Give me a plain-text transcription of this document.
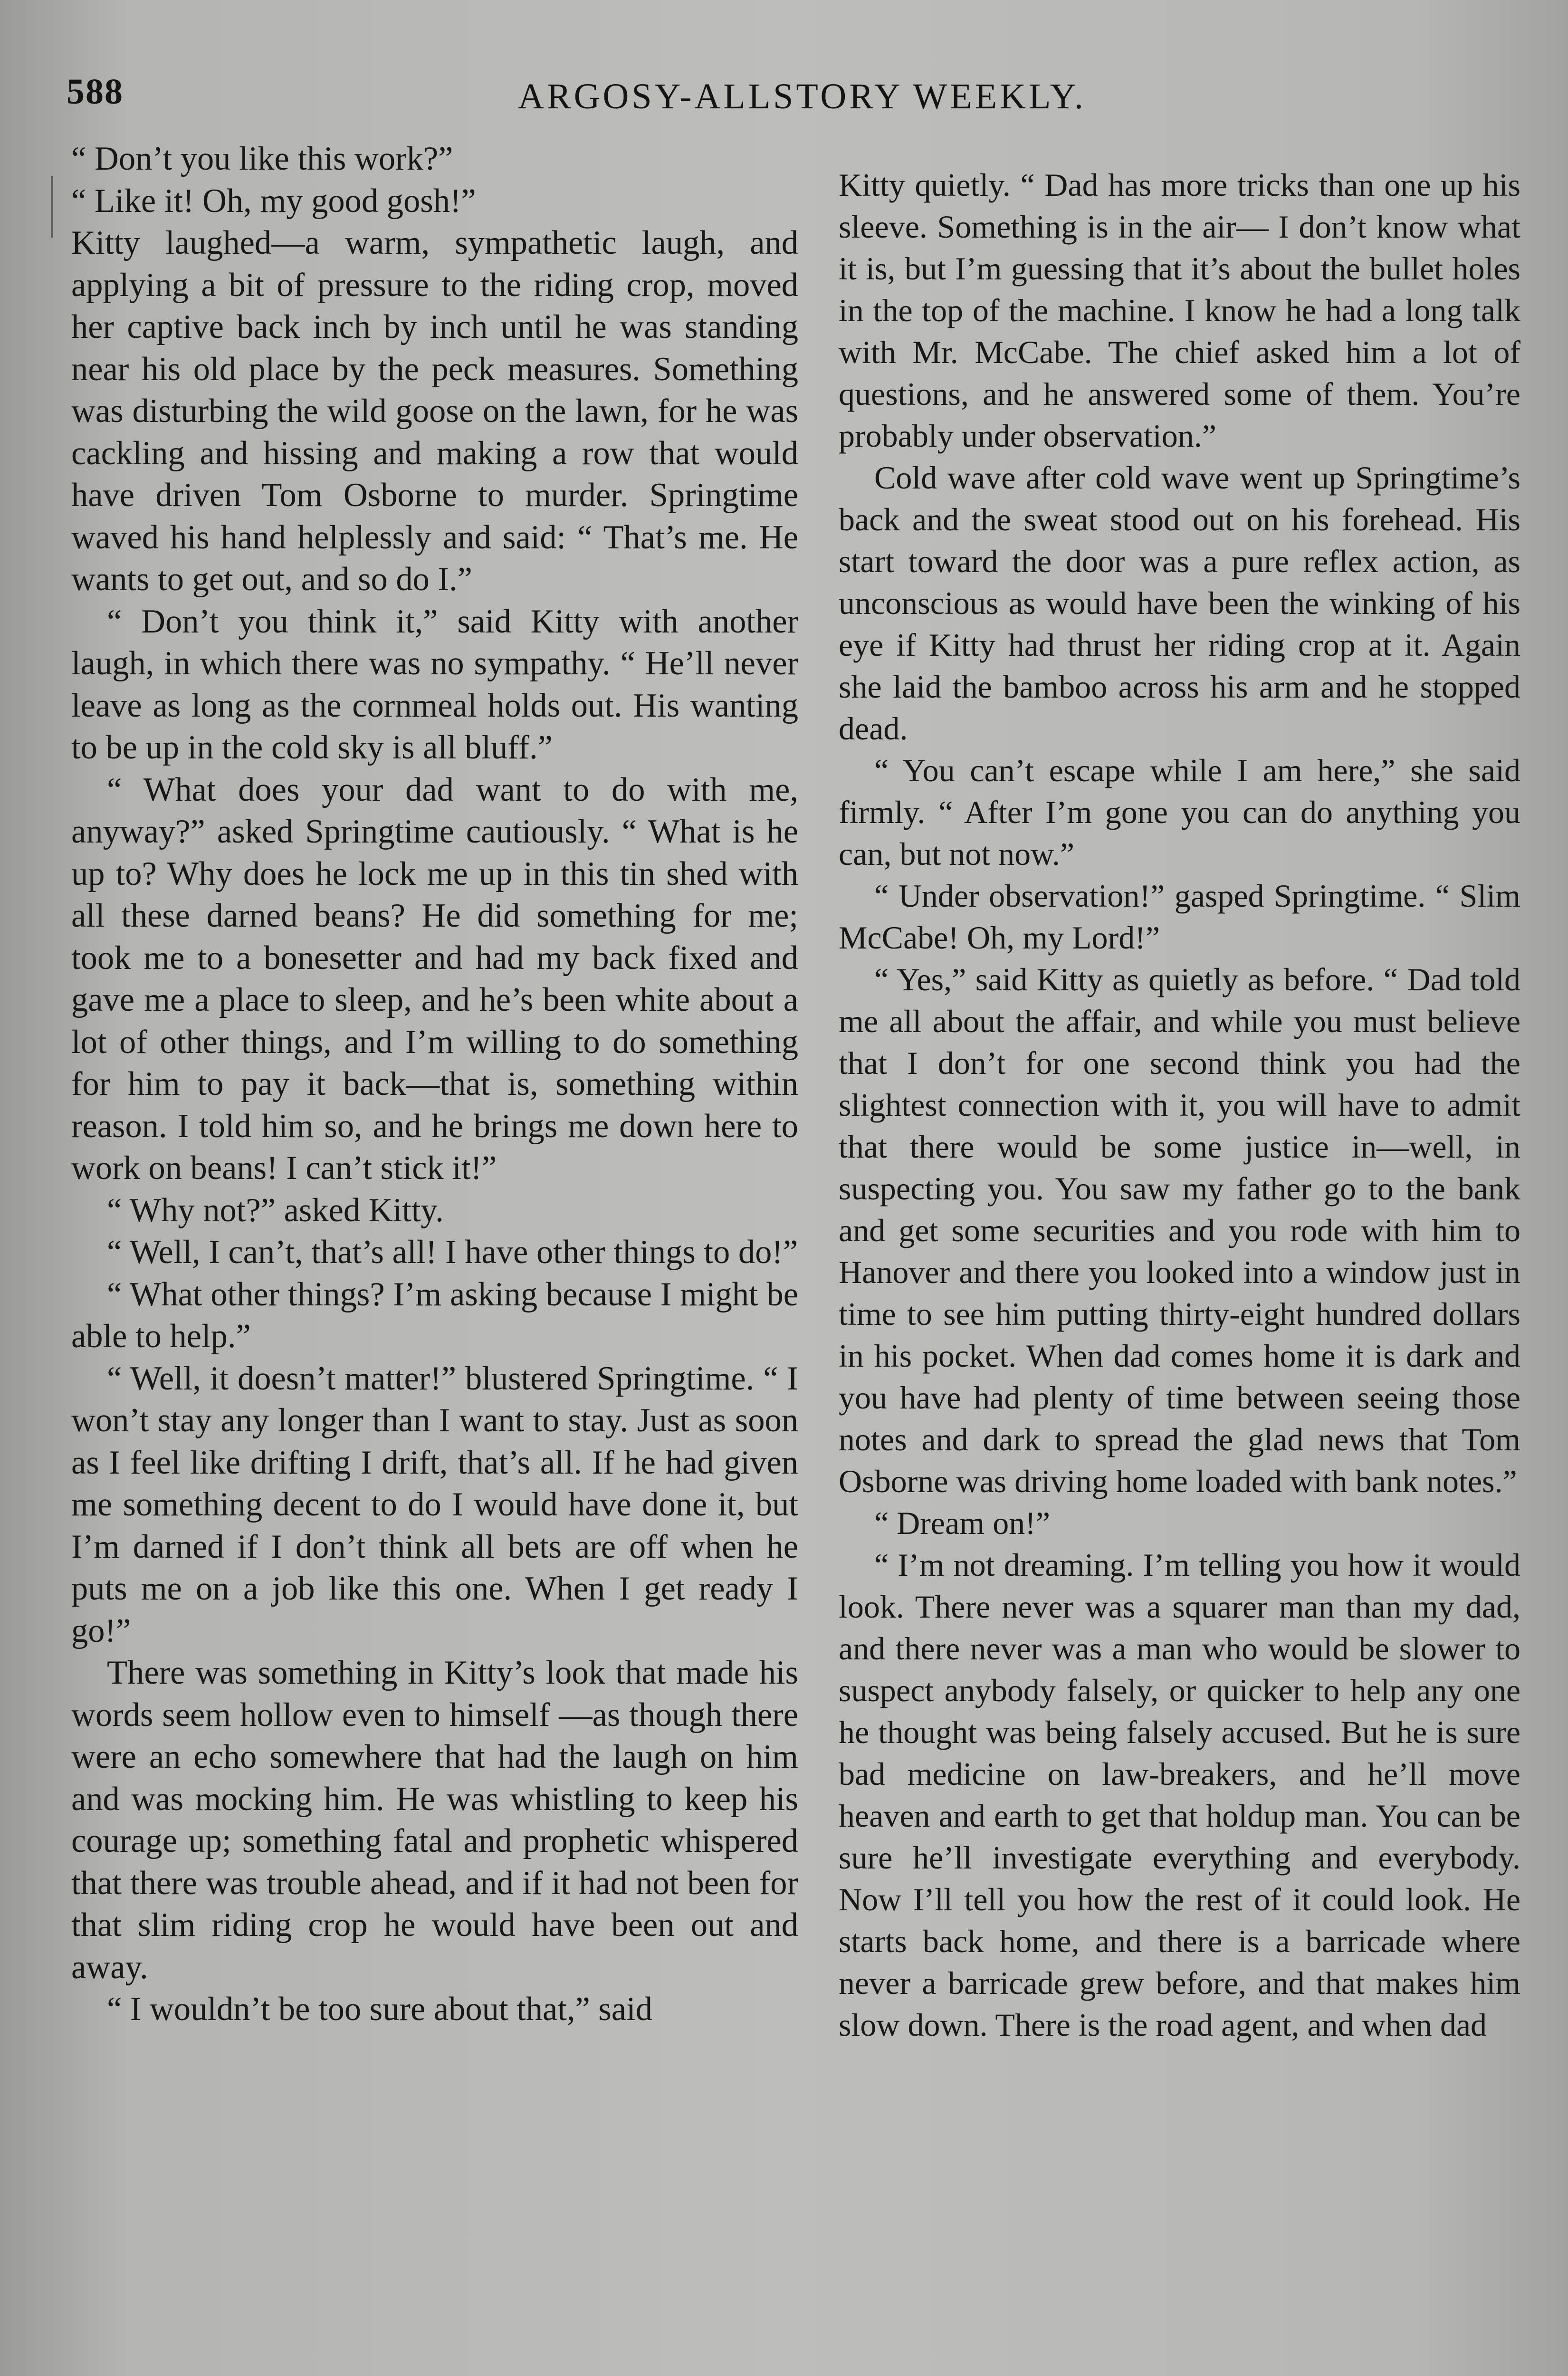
588	ARGOSY-ALLSTORY WEEKLY.

“ Don’t you like this work?”

“ Like it! Oh, my good gosh!”

Kitty laughed—a warm, sympathetic laugh, and applying a bit of pressure to the riding crop, moved her captive back inch by inch until he was standing near his old place by the peck measures. Something was disturbing the wild goose on the lawn, for he was cackling and hissing and making a row that would have driven Tom Osborne to murder. Springtime waved his hand helplessly and said: “ That’s me. He wants to get out, and so do I.”

“ Don’t you think it,” said Kitty with another laugh, in which there was no sympathy. “ He’ll never leave as long as the cornmeal holds out. His wanting to be up in the cold sky is all bluff.”

“ What does your dad want to do with me, anyway?” asked Springtime cautiously. “ What is he up to? Why does he lock me up in this tin shed with all these darned beans? He did something for me; took me to a bonesetter and had my back fixed and gave me a place to sleep, and he’s been white about a lot of other things, and I’m willing to do something for him to pay it back—that is, something within reason. I told him so, and he brings me down here to work on beans! I can’t stick it!”

“ Why not?” asked Kitty.

“ Well, I can’t, that’s all! I have other things to do!”

“ What other things? I’m asking because I might be able to help.”

“ Well, it doesn’t matter!” blustered Springtime. “ I won’t stay any longer than I want to stay. Just as soon as I feel like drifting I drift, that’s all. If he had given me something decent to do I would have done it, but I’m darned if I don’t think all bets are off when he puts me on a job like this one. When I get ready I go!”

There was something in Kitty’s look that made his words seem hollow even to himself —as though there were an echo somewhere that had the laugh on him and was mocking him. He was whistling to keep his courage up; something fatal and prophetic whispered that there was trouble ahead, and if it had not been for that slim riding crop he would have been out and away.

“ I wouldn’t be too sure about that,” said

Kitty quietly. “ Dad has more tricks than one up his sleeve. Something is in the air— I don’t know what it is, but I’m guessing that it’s about the bullet holes in the top of the machine. I know he had a long talk with Mr. McCabe. The chief asked him a lot of questions, and he answered some of them. You’re probably under observation.”

Cold wave after cold wave went up Springtime’s back and the sweat stood out on his forehead. His start toward the door was a pure reflex action, as unconscious as would have been the winking of his eye if Kitty had thrust her riding crop at it. Again she laid the bamboo across his arm and he stopped dead.

“ You can’t escape while I am here,” she said firmly. “ After I’m gone you can do anything you can, but not now.”

“ Under observation!” gasped Springtime. “ Slim McCabe! Oh, my Lord!”

“ Yes,” said Kitty as quietly as before. “ Dad told me all about the affair, and while you must believe that I don’t for one second think you had the slightest connection with it, you will have to admit that there would be some justice in—well, in suspecting you. You saw my father go to the bank and get some securities and you rode with him to Hanover and there you looked into a window just in time to see him putting thirty-eight hundred dollars in his pocket. When dad comes home it is dark and you have had plenty of time between seeing those notes and dark to spread the glad news that Tom Osborne was driving home loaded with bank notes.”

“ Dream on!”

“ I’m not dreaming. I’m telling you how it would look. There never was a squarer man than my dad, and there never was a man who would be slower to suspect anybody falsely, or quicker to help any one he thought was being falsely accused. But he is sure bad medicine on law-breakers, and he’ll move heaven and earth to get that holdup man. You can be sure he’ll investigate everything and everybody. Now I’ll tell you how the rest of it could look. He starts back home, and there is a barricade where never a barricade grew before, and that makes him slow down. There is the road agent, and when dad
